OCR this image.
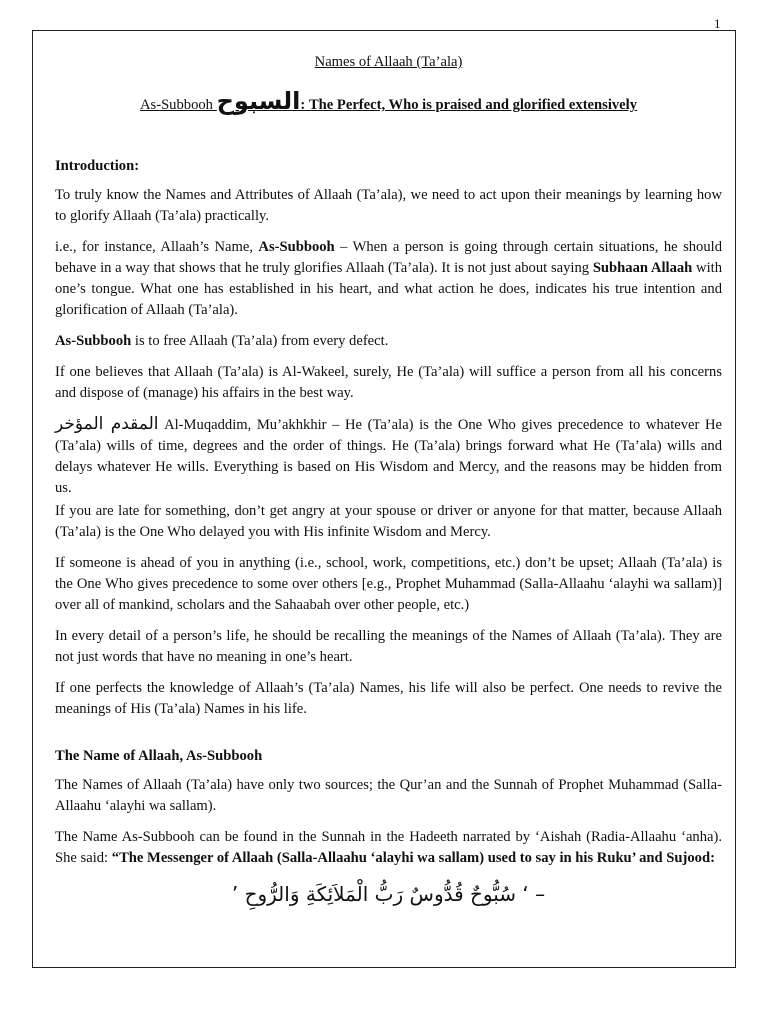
1
Names of Allaah (Ta’ala)
As-Subbooh السبوح: The Perfect, Who is praised and glorified extensively
Introduction:

To truly know the Names and Attributes of Allaah (Ta’ala), we need to act upon their meanings by learning how to glorify Allaah (Ta’ala) practically.

i.e., for instance, Allaah’s Name, As-Subbooh – When a person is going through certain situations, he should behave in a way that shows that he truly glorifies Allaah (Ta’ala). It is not just about saying Subhaan Allaah with one’s tongue. What one has established in his heart, and what action he does, indicates his true intention and glorification of Allaah (Ta’ala).

As-Subbooh is to free Allaah (Ta’ala) from every defect.

If one believes that Allaah (Ta’ala) is Al-Wakeel, surely, He (Ta’ala) will suffice a person from all his concerns and dispose of (manage) his affairs in the best way.

المقدم المؤخر Al-Muqaddim, Mu’akhkhir – He (Ta’ala) is the One Who gives precedence to whatever He (Ta’ala) wills of time, degrees and the order of things. He (Ta’ala) brings forward what He (Ta’ala) wills and delays whatever He wills. Everything is based on His Wisdom and Mercy, and the reasons may be hidden from us.

If you are late for something, don’t get angry at your spouse or driver or anyone for that matter, because Allaah (Ta’ala) is the One Who delayed you with His infinite Wisdom and Mercy.

If someone is ahead of you in anything (i.e., school, work, competitions, etc.) don’t be upset; Allaah (Ta’ala) is the One Who gives precedence to some over others [e.g., Prophet Muhammad (Salla-Allaahu ‘alayhi wa sallam)] over all of mankind, scholars and the Sahaabah over other people, etc.)

In every detail of a person’s life, he should be recalling the meanings of the Names of Allaah (Ta’ala). They are not just words that have no meaning in one’s heart.

If one perfects the knowledge of Allaah’s (Ta’ala) Names, his life will also be perfect. One needs to revive the meanings of His (Ta’ala) Names in his life.

The Name of Allaah, As-Subbooh

The Names of Allaah (Ta’ala) have only two sources; the Qur’an and the Sunnah of Prophet Muhammad (Salla-Allaahu ‘alayhi wa sallam).

The Name As-Subbooh can be found in the Sunnah in the Hadeeth narrated by ‘Aishah (Radia-Allaahu ‘anha). She said: “The Messenger of Allaah (Salla-Allaahu ‘alayhi wa sallam) used to say in his Ruku’ and Sujood:

– ‘ سُبُّوحٌ قُدُّوسٌ رَبُّ الْمَلاَئِكَةِ وَالرُّوحِ ’
